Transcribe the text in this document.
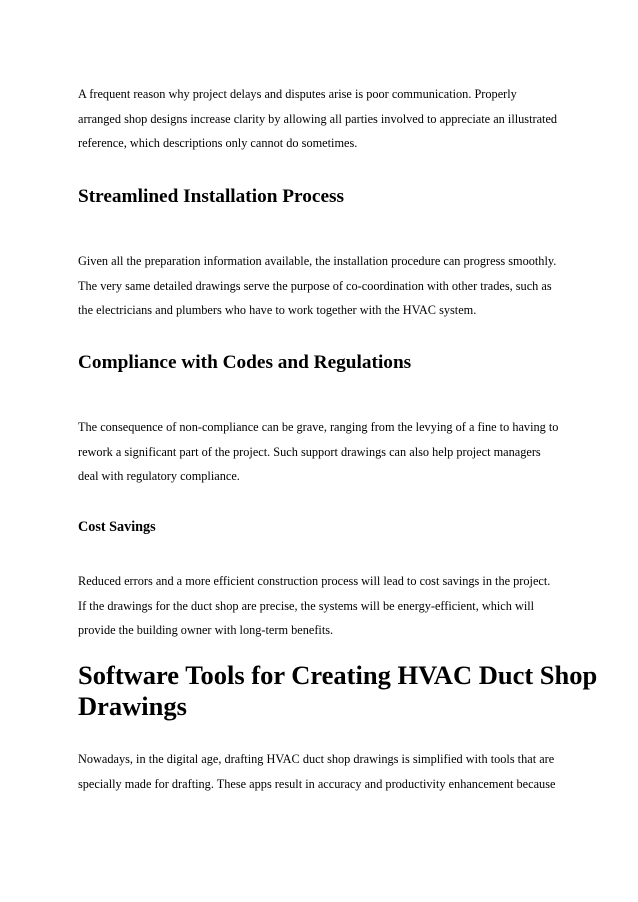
A frequent reason why project delays and disputes arise is poor communication. Properly
arranged shop designs increase clarity by allowing all parties involved to appreciate an illustrated
reference, which descriptions only cannot do sometimes.

Streamlined Installation Process

Given all the preparation information available, the installation procedure can progress smoothly.
The very same detailed drawings serve the purpose of co-coordination with other trades, such as
the electricians and plumbers who have to work together with the HVAC system.

Compliance with Codes and Regulations

The consequence of non-compliance can be grave, ranging from the levying of a fine to having to
rework a significant part of the project. Such support drawings can also help project managers
deal with regulatory compliance.

Cost Savings

Reduced errors and a more efficient construction process will lead to cost savings in the project.
If the drawings for the duct shop are precise, the systems will be energy-efficient, which will
provide the building owner with long-term benefits.

Software Tools for Creating HVAC Duct Shop
Drawings

Nowadays, in the digital age, drafting HVAC duct shop drawings is simplified with tools that are
specially made for drafting. These apps result in accuracy and productivity enhancement because
